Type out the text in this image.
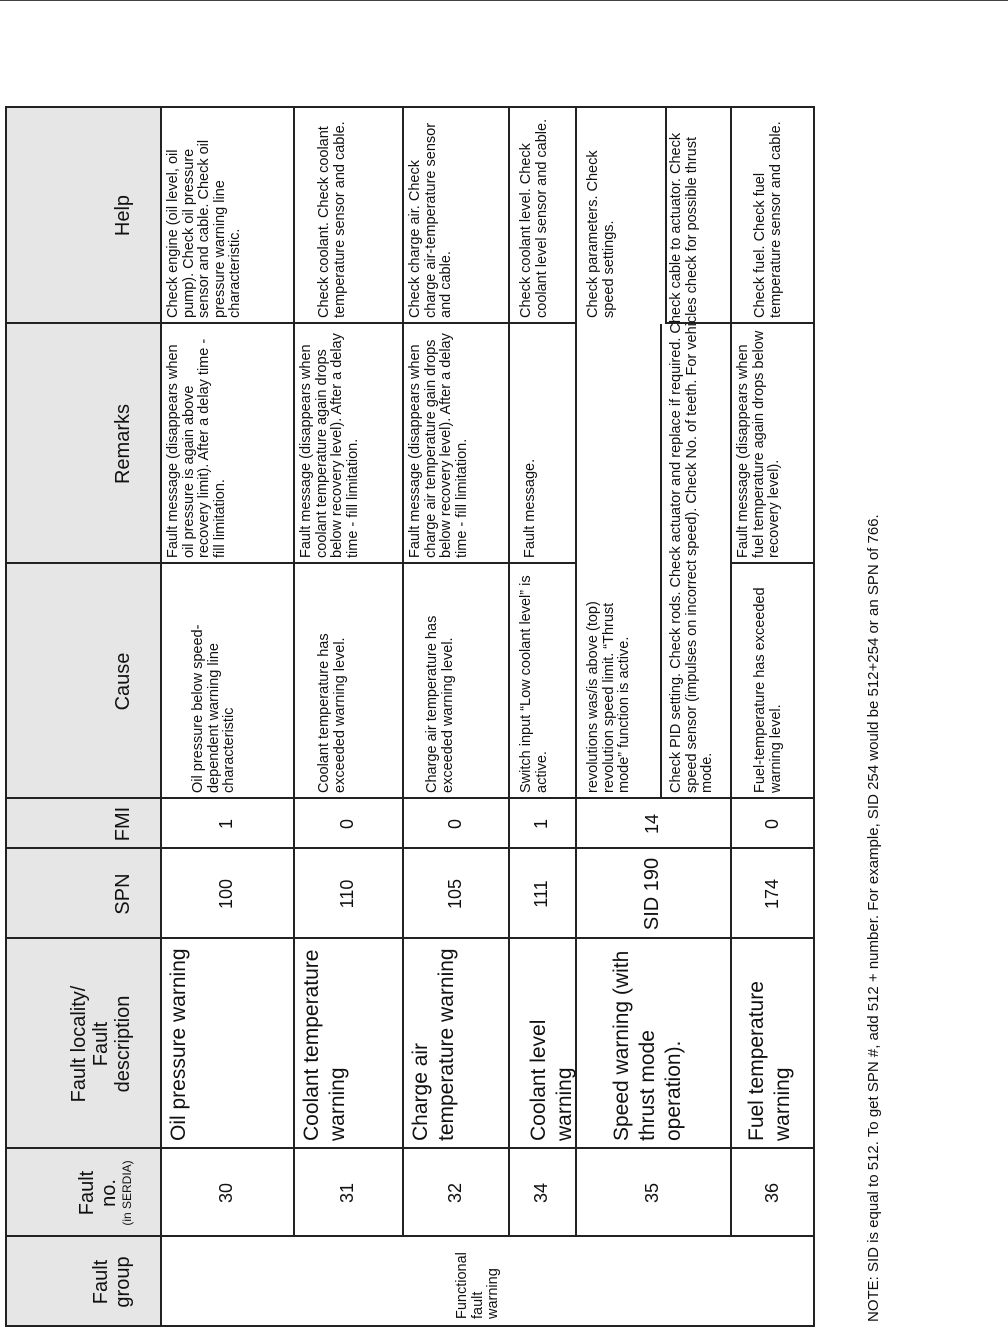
Fault group
Fault no. (in SERDIA)
Fault locality/ Fault description
SPN
FMI
Cause
Remarks
Help
Functional fault warning
30
Oil pressure warning
100
1
Oil pressure below speed-dependent warning line characteristic
Fault message (disappears when oil pressure is again above recovery limit). After a delay time - fill limitation.
Check engine (oil level, oil pump). Check oil pressure sensor and cable. Check oil pressure warning line characteristic.
31
Coolant temperature warning
110
0
Coolant temperature has exceeded warning level.
Fault message (disappears when coolant temperature again drops below recovery level). After a delay time - fill limitation.
Check coolant. Check coolant temperature sensor and cable.
32
Charge air temperature warning
105
0
Charge air temperature has exceeded warning level.
Fault message (disappears when charge air temperature gain drops below recovery level). After a delay time - fill limitation.
Check charge air. Check charge air-temperature sensor and cable.
34
Coolant level warning
111
1
Switch input “Low coolant level” is active.
Fault message.
Check coolant level. Check coolant level sensor and cable.
35
Speed warning (with thrust mode operation).
SID 190
14
revolutions was/is above (top) revolution speed limit. “Thrust mode” function is active.
Check parameters. Check speed settings.	Check PID setting. Check rods. Check actuator and replace if required. Check cable to actuator. Check speed sensor (impulses on incorrect speed). Check No. of teeth. For vehicles check for possible thrust mode.
36
Fuel temperature warning
174
0
Fuel-temperature has exceeded warning level.
Fault message (disappears when fuel temperature again drops below recovery level).
Check fuel. Check fuel temperature sensor and cable.
NOTE: SID is equal to 512. To get SPN #, add 512 + number. For example, SID 254 would be 512+254 or an SPN of 766.
